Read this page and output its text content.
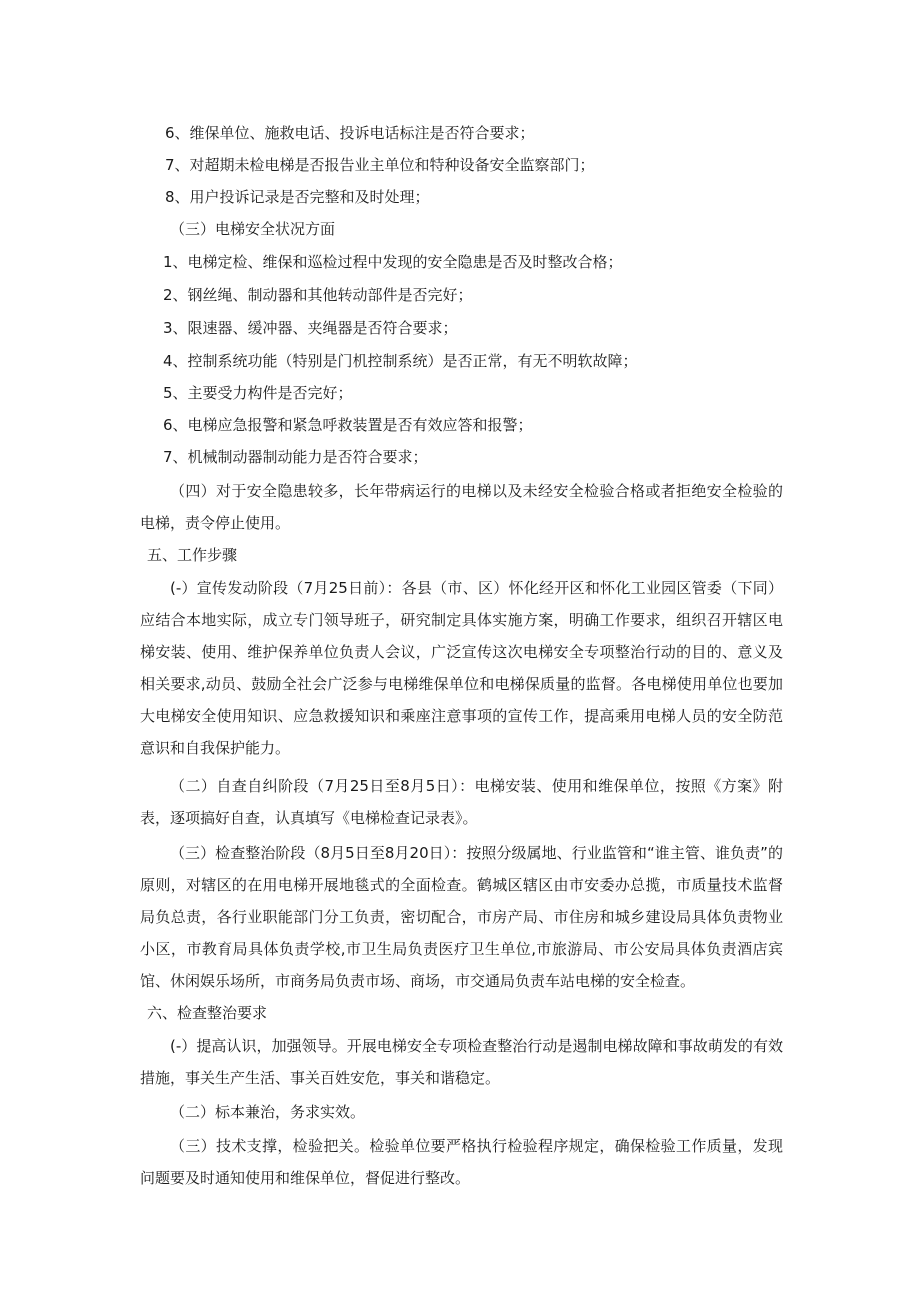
6、维保单位、施救电话、投诉电话标注是否符合要求；
7、对超期未检电梯是否报告业主单位和特种设备安全监察部门；
8、用户投诉记录是否完整和及时处理；
（三）电梯安全状况方面
1、电梯定检、维保和巡检过程中发现的安全隐患是否及时整改合格；
2、钢丝绳、制动器和其他转动部件是否完好；
3、限速器、缓冲器、夹绳器是否符合要求；
4、控制系统功能（特别是门机控制系统）是否正常，有无不明软故障；
5、主要受力构件是否完好；
6、电梯应急报警和紧急呼救装置是否有效应答和报警；
7、机械制动器制动能力是否符合要求；
（四）对于安全隐患较多，长年带病运行的电梯以及未经安全检验合格或者拒绝安全检验的电梯，责令停止使用。
五、工作步骤
(-）宣传发动阶段（7月25日前）：各县（市、区）怀化经开区和怀化工业园区管委（下同）应结合本地实际，成立专门领导班子，研究制定具体实施方案，明确工作要求，组织召开辖区电梯安装、使用、维护保养单位负责人会议，广泛宣传这次电梯安全专项整治行动的目的、意义及相关要求,动员、鼓励全社会广泛参与电梯维保单位和电梯保质量的监督。各电梯使用单位也要加大电梯安全使用知识、应急救援知识和乘座注意事项的宣传工作，提高乘用电梯人员的安全防范意识和自我保护能力。
（二）自查自纠阶段（7月25日至8月5日）：电梯安装、使用和维保单位，按照《方案》附表，逐项搞好自查，认真填写《电梯检查记录表》。
（三）检查整治阶段（8月5日至8月20日）：按照分级属地、行业监管和“谁主管、谁负责”的原则，对辖区的在用电梯开展地毯式的全面检查。鹤城区辖区由市安委办总揽，市质量技术监督局负总责，各行业职能部门分工负责，密切配合，市房产局、市住房和城乡建设局具体负责物业小区，市教育局具体负责学校,市卫生局负责医疗卫生单位,市旅游局、市公安局具体负责酒店宾馆、休闲娱乐场所，市商务局负责市场、商场，市交通局负责车站电梯的安全检查。
六、检查整治要求
(-）提高认识，加强领导。开展电梯安全专项检查整治行动是遏制电梯故障和事故萌发的有效措施，事关生产生活、事关百姓安危，事关和谐稳定。
（二）标本兼治，务求实效。
（三）技术支撑，检验把关。检验单位要严格执行检验程序规定，确保检验工作质量，发现问题要及时通知使用和维保单位，督促进行整改。
